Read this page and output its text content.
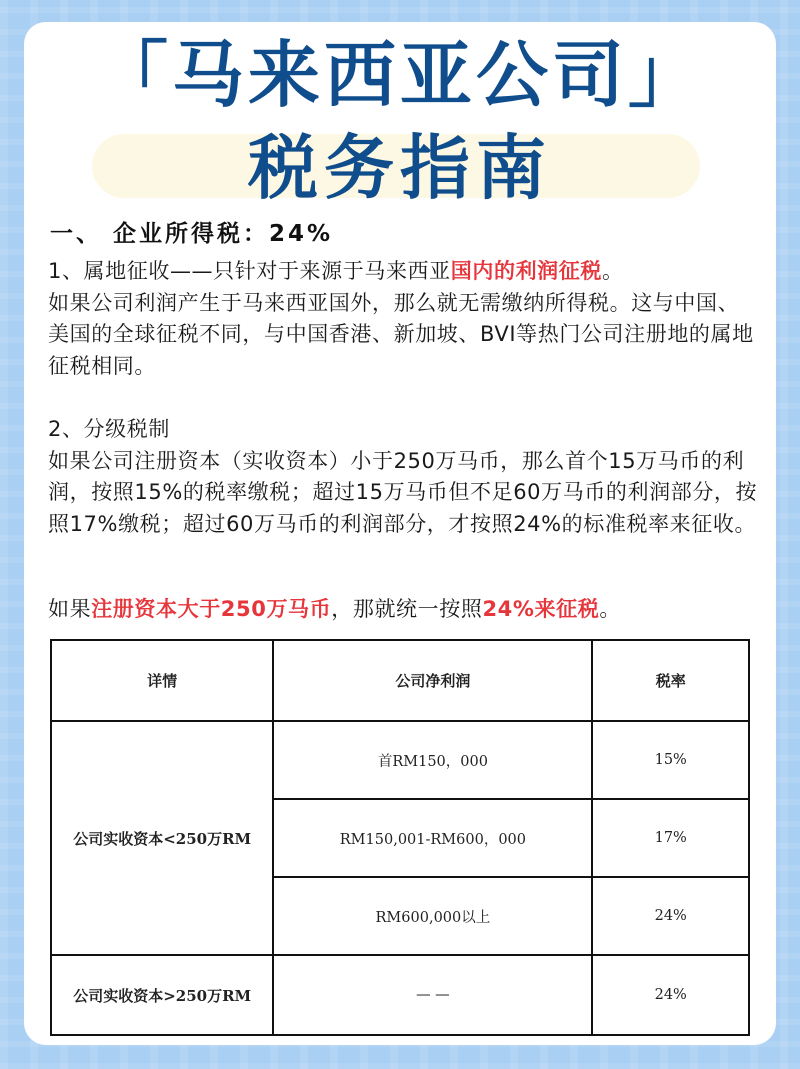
「马来西亚公司」
税务指南
一、 企业所得税：24%
1、属地征收——只针对于来源于马来西亚国内的利润征税。
如果公司利润产生于马来西亚国外，那么就无需缴纳所得税。这与中国、美国的全球征税不同，与中国香港、新加坡、BVI等热门公司注册地的属地征税相同。
2、分级税制
如果公司注册资本（实收资本）小于250万马币，那么首个15万马币的利润，按照15%的税率缴税；超过15万马币但不足60万马币的利润部分，按照17%缴税；超过60万马币的利润部分，才按照24%的标准税率来征收。
如果注册资本大于250万马币，那就统一按照24%来征税。
详情	公司净利润	税率
公司实收资本<250万RM	首RM150，000	15%
	RM150,001-RM600，000	17%
	RM600,000以上	24%
公司实收资本>250万RM	— —	24%
